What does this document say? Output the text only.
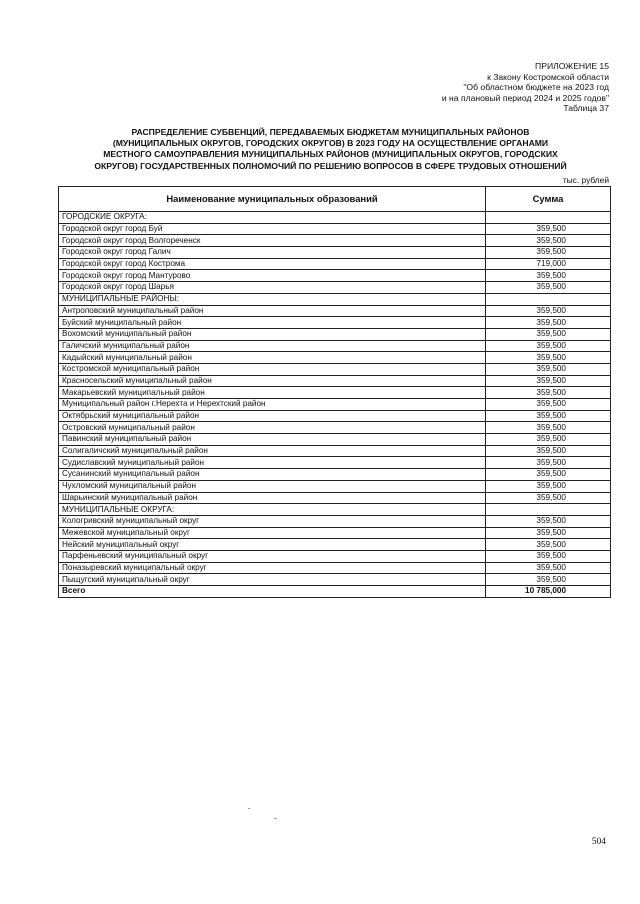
ПРИЛОЖЕНИЕ 15
к Закону Костромской области
"Об областном бюджете на 2023 год
и на плановый период 2024 и 2025 годов"
Таблица 37
РАСПРЕДЕЛЕНИЕ СУБВЕНЦИЙ, ПЕРЕДАВАЕМЫХ БЮДЖЕТАМ МУНИЦИПАЛЬНЫХ РАЙОНОВ
(МУНИЦИПАЛЬНЫХ ОКРУГОВ, ГОРОДСКИХ ОКРУГОВ) В 2023 ГОДУ НА ОСУЩЕСТВЛЕНИЕ ОРГАНАМИ
МЕСТНОГО САМОУПРАВЛЕНИЯ МУНИЦИПАЛЬНЫХ РАЙОНОВ (МУНИЦИПАЛЬНЫХ ОКРУГОВ, ГОРОДСКИХ
ОКРУГОВ) ГОСУДАРСТВЕННЫХ ПОЛНОМОЧИЙ ПО РЕШЕНИЮ ВОПРОСОВ В СФЕРЕ ТРУДОВЫХ ОТНОШЕНИЙ
тыс. рублей
Наименование муниципальных образований	Сумма
ГОРОДСКИЕ ОКРУГА:	
Городской округ город Буй	359,500
Городской округ город Волгореченск	359,500
Городской округ город Галич	359,500
Городской округ город Кострома	719,000
Городской округ город Мантурово	359,500
Городской округ город Шарья	359,500
МУНИЦИПАЛЬНЫЕ РАЙОНЫ:	
Антроповский муниципальный район	359,500
Буйский муниципальный район	359,500
Вохомский муниципальный район	359,500
Галичский муниципальный район	359,500
Кадыйский муниципальный район	359,500
Костромской муниципальный район	359,500
Красносельский муниципальный район	359,500
Макарьевский муниципальный район	359,500
Муниципальный район г.Нерехта и Нерехтский район	359,500
Октябрьский муниципальный район	359,500
Островский муниципальный район	359,500
Павинский муниципальный район	359,500
Солигаличский муниципальный район	359,500
Судиславский муниципальный район	359,500
Сусанинский муниципальный район	359,500
Чухломский муниципальный район	359,500
Шарьинский муниципальный район	359,500
МУНИЦИПАЛЬНЫЕ ОКРУГА:	
Кологривский муниципальный округ	359,500
Межевской муниципальный округ	359,500
Нейский муниципальный округ	359,500
Парфеньевский муниципальный округ	359,500
Поназыревский муниципальный округ	359,500
Пыщугский муниципальный округ	359,500
Всего	10 785,000
504
